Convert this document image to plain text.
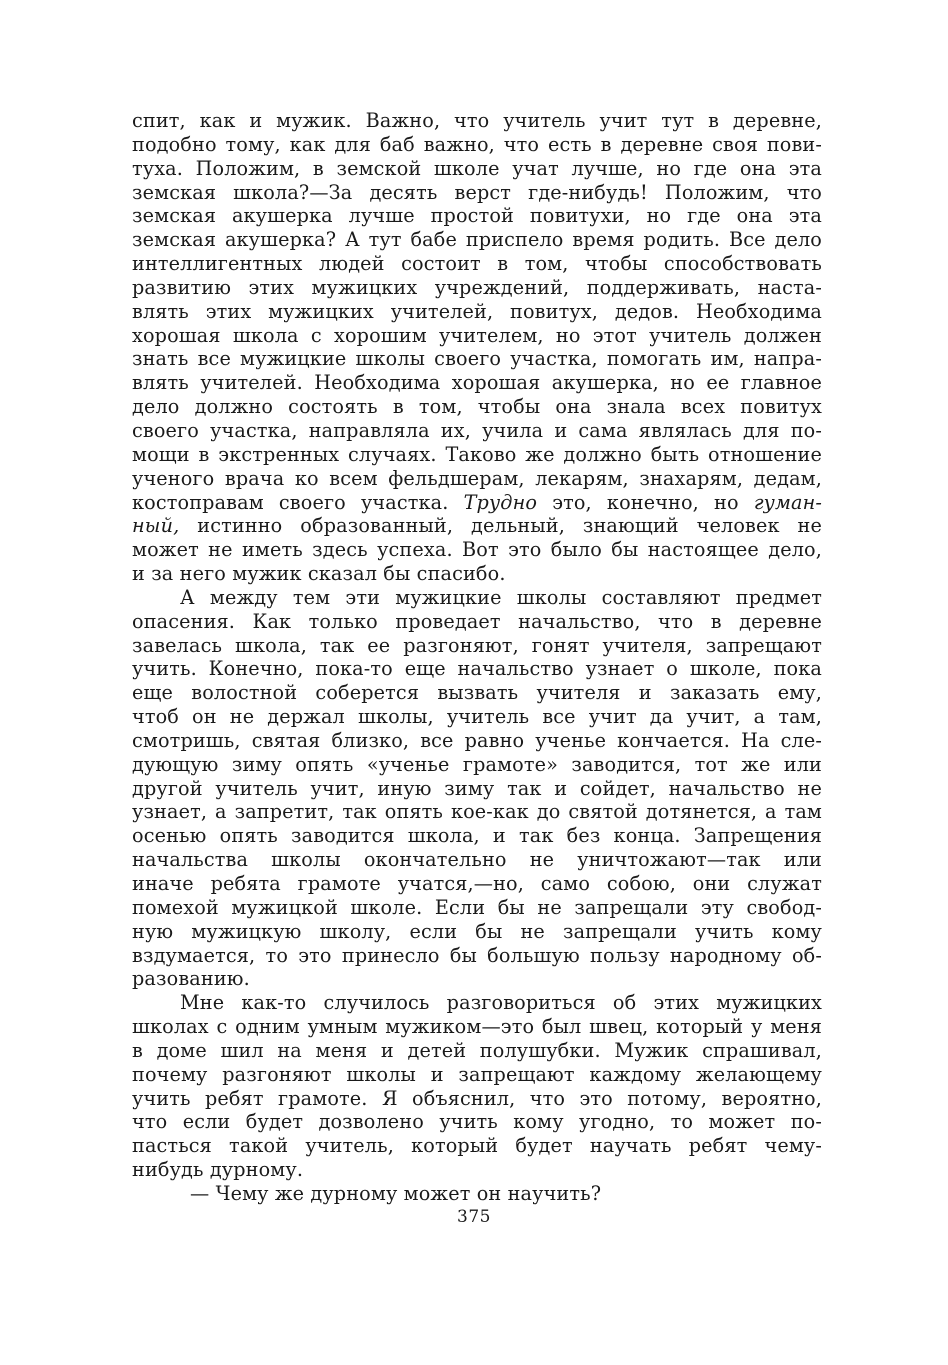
спит, как и мужик. Важно, что учитель учит тут в деревне,
подобно тому, как для баб важно, что есть в деревне своя пови-
туха. Положим, в земской школе учат лучше, но где она эта
земская школа?—За десять верст где-нибудь! Положим, что
земская акушерка лучше простой повитухи, но где она эта
земская акушерка? А тут бабе приспело время родить. Все дело
интеллигентных людей состоит в том, чтобы способствовать
развитию этих мужицких учреждений, поддерживать, наста-
влять этих мужицких учителей, повитух, дедов. Необходима
хорошая школа с хорошим учителем, но этот учитель должен
знать все мужицкие школы своего участка, помогать им, напра-
влять учителей. Необходима хорошая акушерка, но ее главное
дело должно состоять в том, чтобы она знала всех повитух
своего участка, направляла их, учила и сама являлась для по-
мощи в экстренных случаях. Таково же должно быть отношение
ученого врача ко всем фельдшерам, лекарям, знахарям, дедам,
костоправам своего участка. Трудно это, конечно, но гуман-
ный, истинно образованный, дельный, знающий человек не
может не иметь здесь успеха. Вот это было бы настоящее дело,
и за него мужик сказал бы спасибо.
А между тем эти мужицкие школы составляют предмет
опасения. Как только проведает начальство, что в деревне
завелась школа, так ее разгоняют, гонят учителя, запрещают
учить. Конечно, пока-то еще начальство узнает о школе, пока
еще волостной соберется вызвать учителя и заказать ему,
чтоб он не держал школы, учитель все учит да учит, а там,
смотришь, святая близко, все равно ученье кончается. На сле-
дующую зиму опять «ученье грамоте» заводится, тот же или
другой учитель учит, иную зиму так и сойдет, начальство не
узнает, а запретит, так опять кое-как до святой дотянется, а там
осенью опять заводится школа, и так без конца. Запрещения
начальства школы окончательно не уничтожают—так или
иначе ребята грамоте учатся,—но, само собою, они служат
помехой мужицкой школе. Если бы не запрещали эту свобод-
ную мужицкую школу, если бы не запрещали учить кому
вздумается, то это принесло бы большую пользу народному об-
разованию.
Мне как-то случилось разговориться об этих мужицких
школах с одним умным мужиком—это был швец, который у меня
в доме шил на меня и детей полушубки. Мужик спрашивал,
почему разгоняют школы и запрещают каждому желающему
учить ребят грамоте. Я объяснил, что это потому, вероятно,
что если будет дозволено учить кому угодно, то может по-
пасться такой учитель, который будет научать ребят чему-
нибудь дурному.
— Чему же дурному может он научить?
375
